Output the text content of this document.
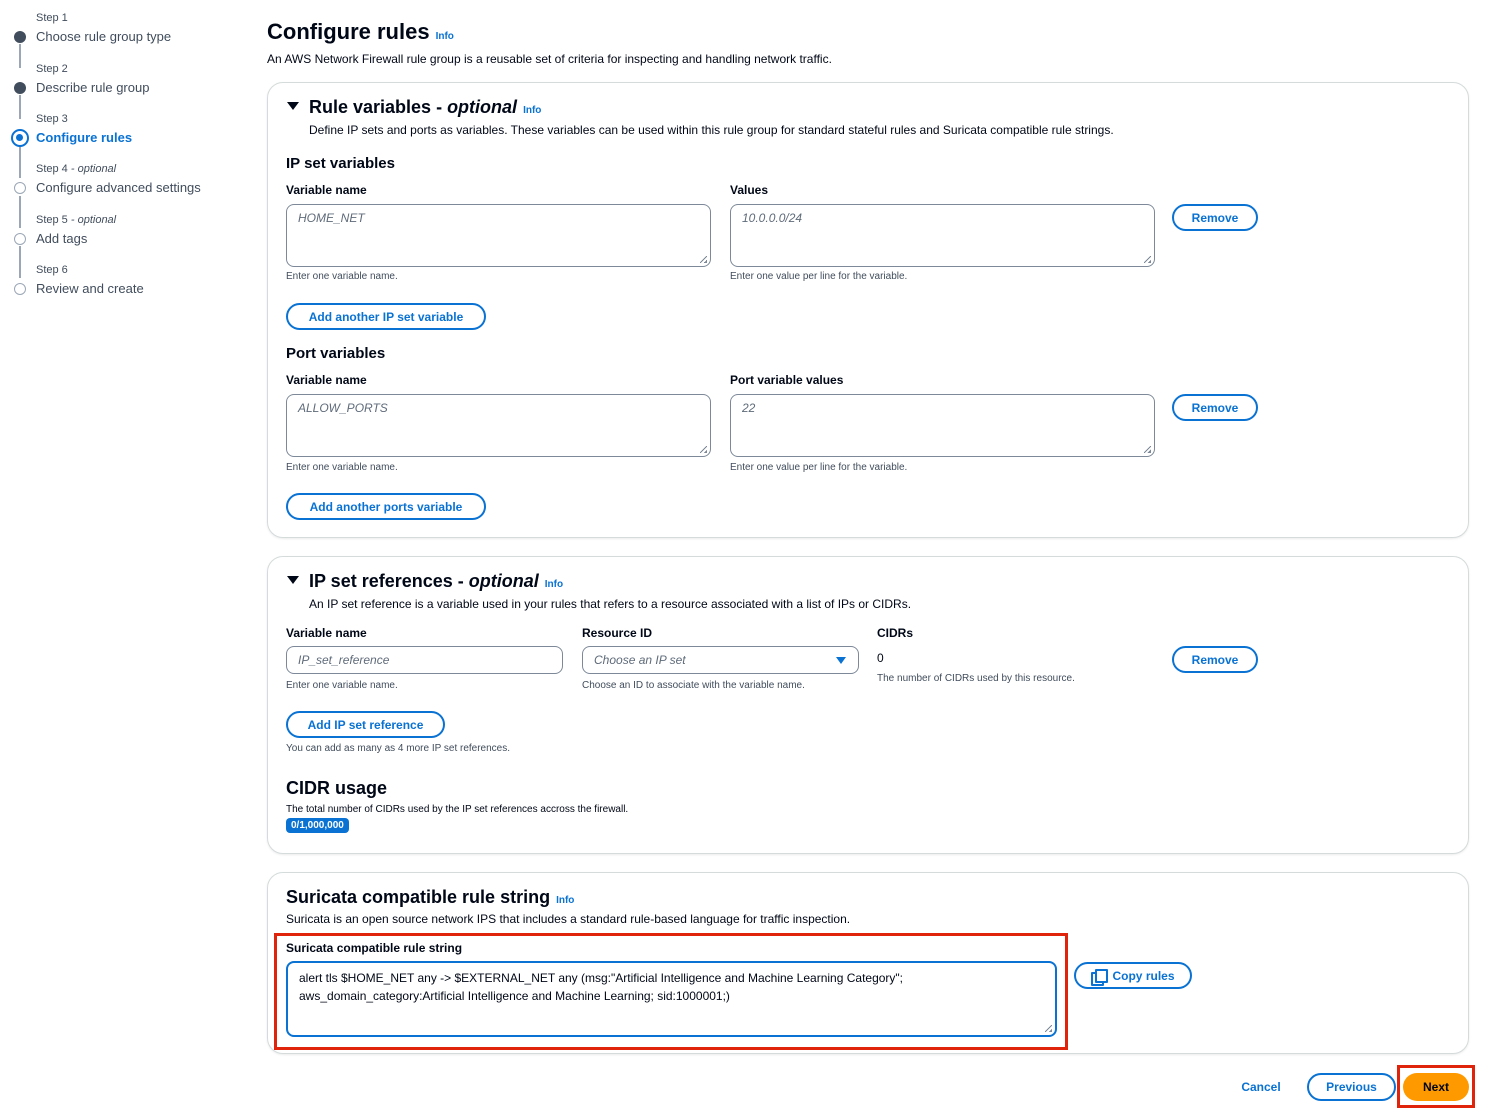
Step 1
Choose rule group type
Step 2
Describe rule group
Step 3
Configure rules
Step 4 - optional
Configure advanced settings
Step 5 - optional
Add tags
Step 6
Review and create
Configure rules Info
An AWS Network Firewall rule group is a reusable set of criteria for inspecting and handling network traffic.
Rule variables - optional Info
Define IP sets and ports as variables. These variables can be used within this rule group for standard stateful rules and Suricata compatible rule strings.
IP set variables
Variable name	Values
HOME_NET	10.0.0.0/24
Enter one variable name.	Enter one value per line for the variable.
Remove
Add another IP set variable
Port variables
Variable name	Port variable values
ALLOW_PORTS	22
Enter one variable name.	Enter one value per line for the variable.
Remove
Add another ports variable
IP set references - optional Info
An IP set reference is a variable used in your rules that refers to a resource associated with a list of IPs or CIDRs.
Variable name	Resource ID	CIDRs
IP_set_reference	Choose an IP set	0
Enter one variable name.	Choose an ID to associate with the variable name.
The number of CIDRs used by this resource.
Remove
Add IP set reference
You can add as many as 4 more IP set references.
CIDR usage
The total number of CIDRs used by the IP set references accross the firewall.
0/1,000,000
Suricata compatible rule string Info
Suricata is an open source network IPS that includes a standard rule-based language for traffic inspection.
Suricata compatible rule string
alert tls $HOME_NET any -> $EXTERNAL_NET any (msg:"Artificial Intelligence and Machine Learning Category";
aws_domain_category:Artificial Intelligence and Machine Learning; sid:1000001;)
Copy rules
Cancel	Previous	Next
